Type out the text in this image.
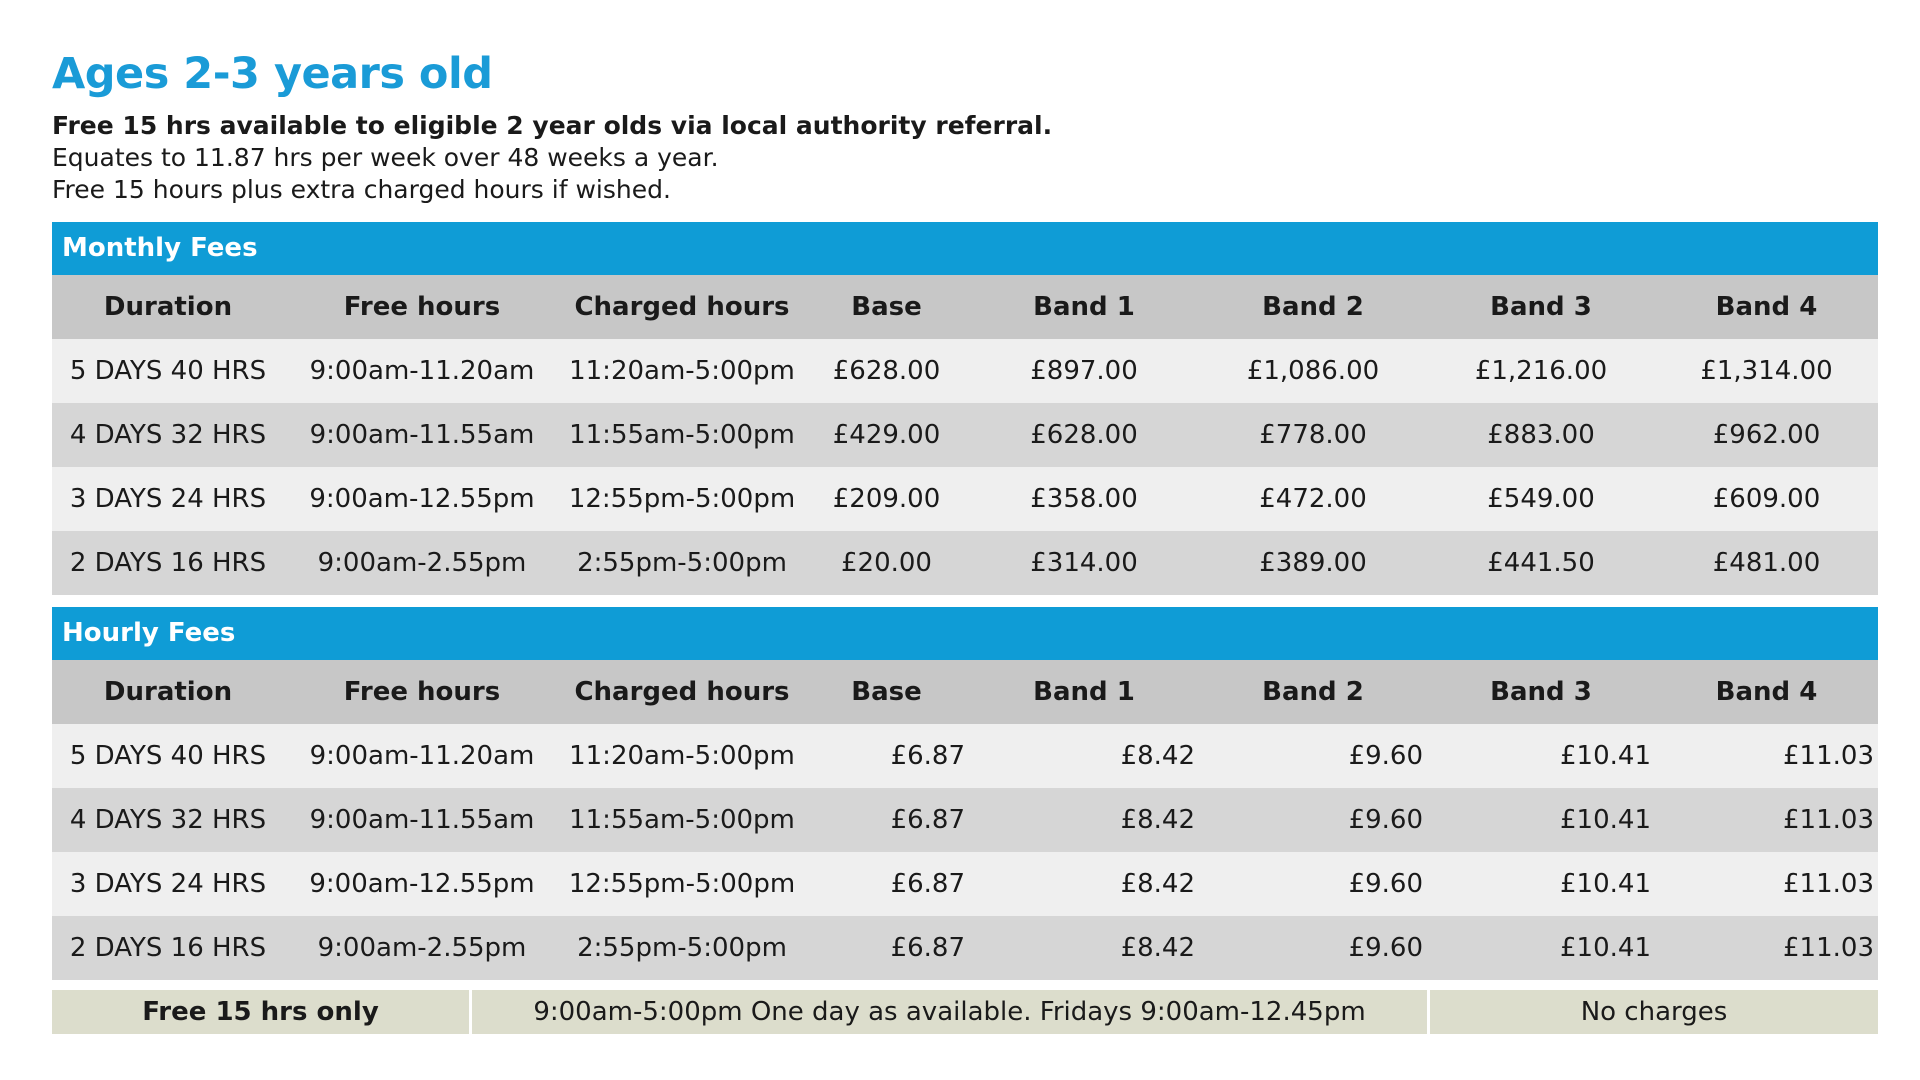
Ages 2-3 years old
Free 15 hrs available to eligible 2 year olds via local authority referral.
Equates to 11.87 hrs per week over 48 weeks a year.
Free 15 hours plus extra charged hours if wished.
Monthly Fees
Duration	Free hours	Charged hours	Base	Band 1	Band 2	Band 3	Band 4
5 DAYS 40 HRS	9:00am-11.20am	11:20am-5:00pm	£628.00	£897.00	£1,086.00	£1,216.00	£1,314.00
4 DAYS 32 HRS	9:00am-11.55am	11:55am-5:00pm	£429.00	£628.00	£778.00	£883.00	£962.00
3 DAYS 24 HRS	9:00am-12.55pm	12:55pm-5:00pm	£209.00	£358.00	£472.00	£549.00	£609.00
2 DAYS 16 HRS	9:00am-2.55pm	2:55pm-5:00pm	£20.00	£314.00	£389.00	£441.50	£481.00
Hourly Fees
Duration	Free hours	Charged hours	Base	Band 1	Band 2	Band 3	Band 4
5 DAYS 40 HRS	9:00am-11.20am	11:20am-5:00pm	£6.87	£8.42	£9.60	£10.41	£11.03
4 DAYS 32 HRS	9:00am-11.55am	11:55am-5:00pm	£6.87	£8.42	£9.60	£10.41	£11.03
3 DAYS 24 HRS	9:00am-12.55pm	12:55pm-5:00pm	£6.87	£8.42	£9.60	£10.41	£11.03
2 DAYS 16 HRS	9:00am-2.55pm	2:55pm-5:00pm	£6.87	£8.42	£9.60	£10.41	£11.03
Free 15 hrs only	9:00am-5:00pm One day as available. Fridays 9:00am-12.45pm	No charges
